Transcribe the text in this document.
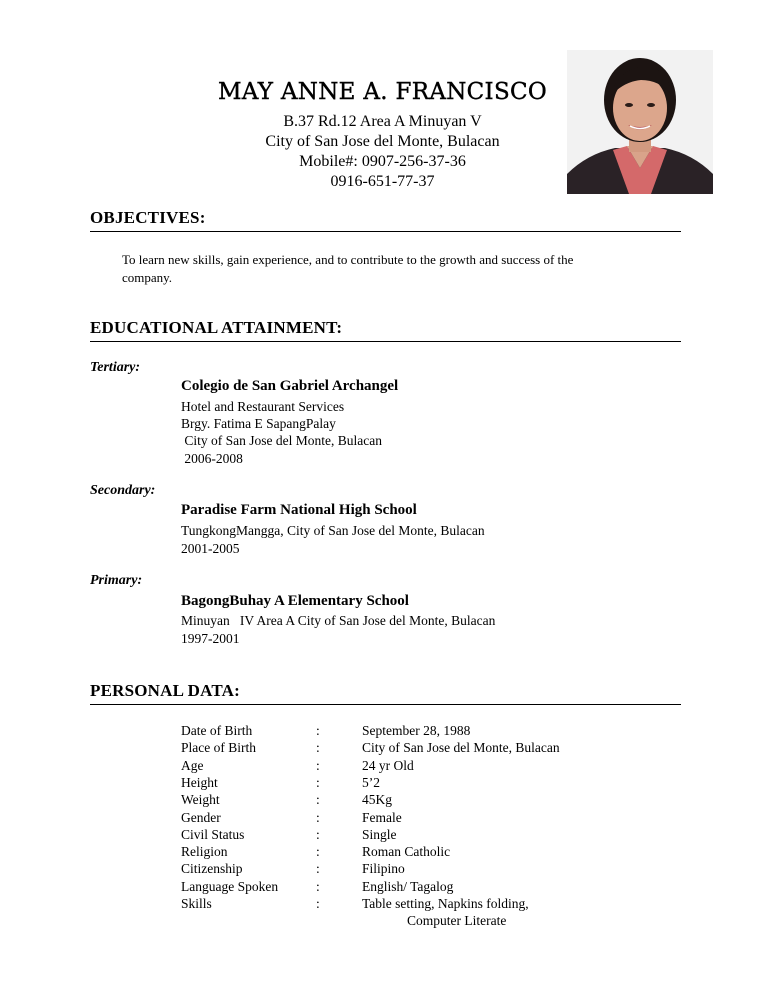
MAY ANNE A. FRANCISCO
B.37 Rd.12 Area A Minuyan V
City of San Jose del Monte, Bulacan
Mobile#: 0907-256-37-36
0916-651-77-37
OBJECTIVES:
To learn new skills, gain experience, and to contribute to the growth and success of the
company.
EDUCATIONAL ATTAINMENT:
Tertiary:
Colegio de San Gabriel Archangel
Hotel and Restaurant Services
Brgy. Fatima E SapangPalay
City of San Jose del Monte, Bulacan
2006-2008
Secondary:
Paradise Farm National High School
TungkongMangga, City of San Jose del Monte, Bulacan
2001-2005
Primary:
BagongBuhay A Elementary School
Minuyan   IV Area A City of San Jose del Monte, Bulacan
1997-2001
PERSONAL DATA:
Date of Birth	:	September 28, 1988
Place of Birth	:	City of San Jose del Monte, Bulacan
Age	:	24 yr Old
Height	:	5’2
Weight	:	45Kg
Gender	:	Female
Civil Status	:	Single
Religion	:	Roman Catholic
Citizenship	:	Filipino
Language Spoken	:	English/ Tagalog
Skills	:	Table setting, Napkins folding,
Computer Literate
